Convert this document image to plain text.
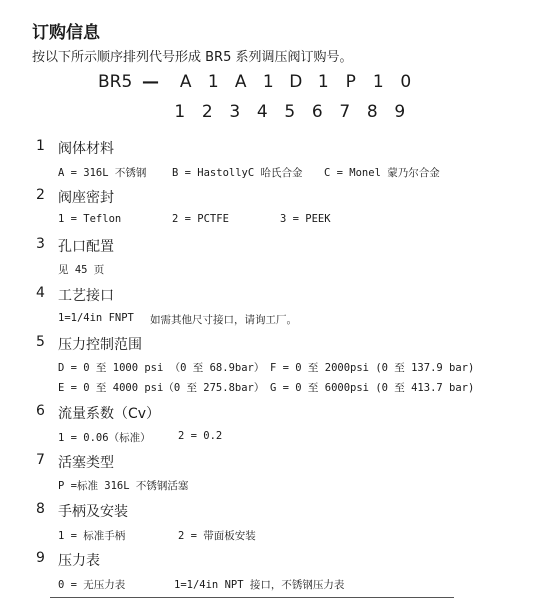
订购信息
按以下所示顺序排列代号形成 BR5 系列调压阀订购号。
BR5 — A 1 A 1 D 1 P 1 0
1 2 3 4 5 6 7 8 9
1 阀体材料
A = 316L 不锈钢 B = HastollyC 哈氏合金 C = Monel 蒙乃尔合金
2 阀座密封
1 = Teflon	2 = PCTFE	3 = PEEK
3 孔口配置
见 45 页
4 工艺接口
1=1/4in FNPT 如需其他尺寸接口，请询工厂。
5 压力控制范围
D = 0 至 1000 psi （0 至 68.9bar） F = 0 至 2000psi (0 至 137.9 bar)
E = 0 至 4000 psi（0 至 275.8bar） G = 0 至 6000psi (0 至 413.7 bar)
6 流量系数（Cv）
1 = 0.06（标准）	2 = 0.2
7 活塞类型
P =标准 316L 不锈钢活塞
8 手柄及安装
1 = 标准手柄	2 = 带面板安装
9 压力表
0 = 无压力表	1=1/4in NPT 接口，不锈钢压力表
